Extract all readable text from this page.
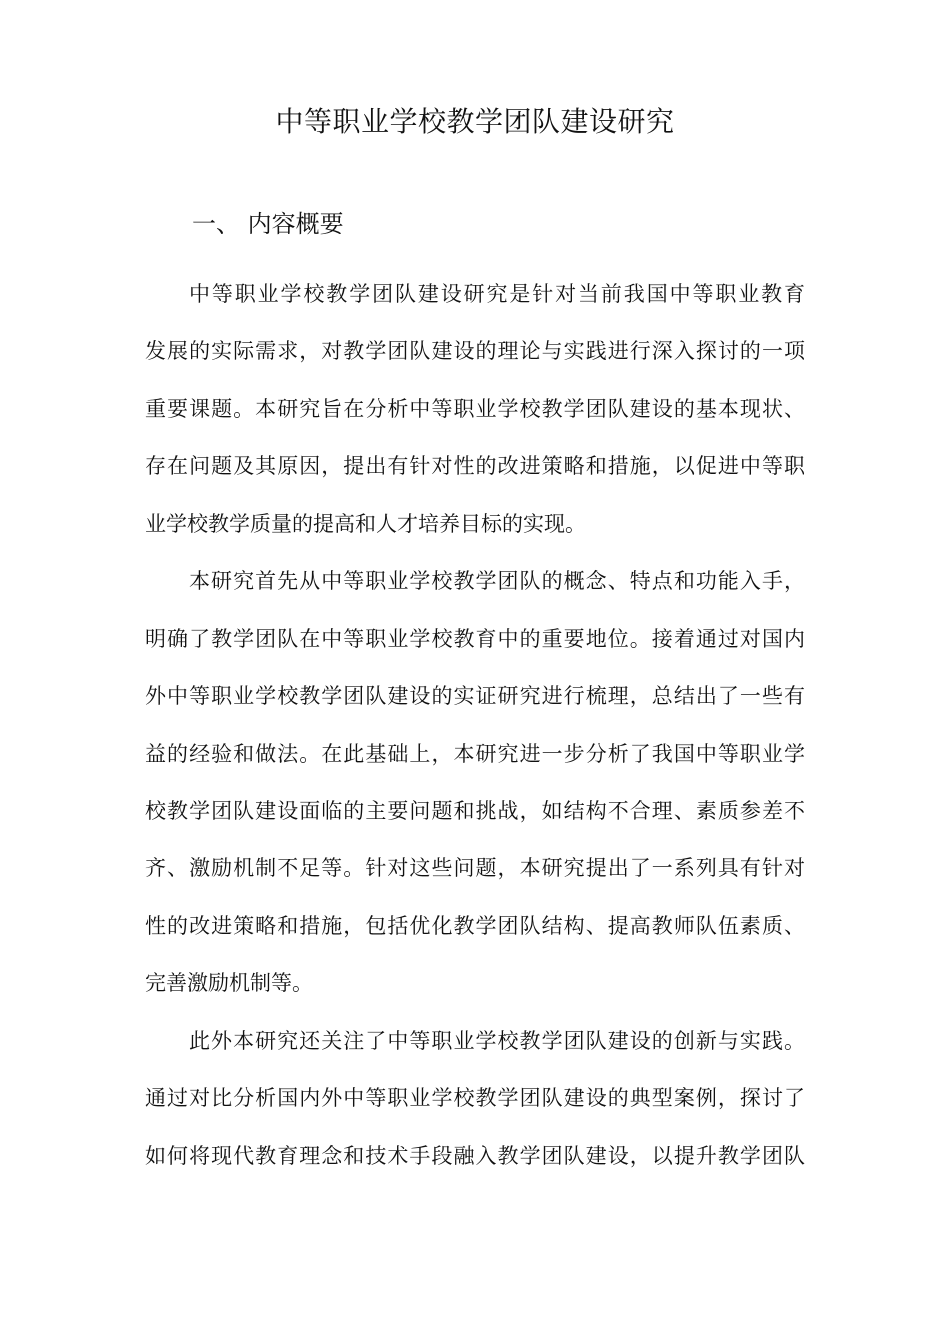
中等职业学校教学团队建设研究
一、 内容概要
中等职业学校教学团队建设研究是针对当前我国中等职业教育
发展的实际需求，对教学团队建设的理论与实践进行深入探讨的一项
重要课题。本研究旨在分析中等职业学校教学团队建设的基本现状、
存在问题及其原因，提出有针对性的改进策略和措施，以促进中等职
业学校教学质量的提高和人才培养目标的实现。
本研究首先从中等职业学校教学团队的概念、特点和功能入手，
明确了教学团队在中等职业学校教育中的重要地位。接着通过对国内
外中等职业学校教学团队建设的实证研究进行梳理，总结出了一些有
益的经验和做法。在此基础上，本研究进一步分析了我国中等职业学
校教学团队建设面临的主要问题和挑战，如结构不合理、素质参差不
齐、激励机制不足等。针对这些问题，本研究提出了一系列具有针对
性的改进策略和措施，包括优化教学团队结构、提高教师队伍素质、
完善激励机制等。
此外本研究还关注了中等职业学校教学团队建设的创新与实践。
通过对比分析国内外中等职业学校教学团队建设的典型案例，探讨了
如何将现代教育理念和技术手段融入教学团队建设，以提升教学团队
